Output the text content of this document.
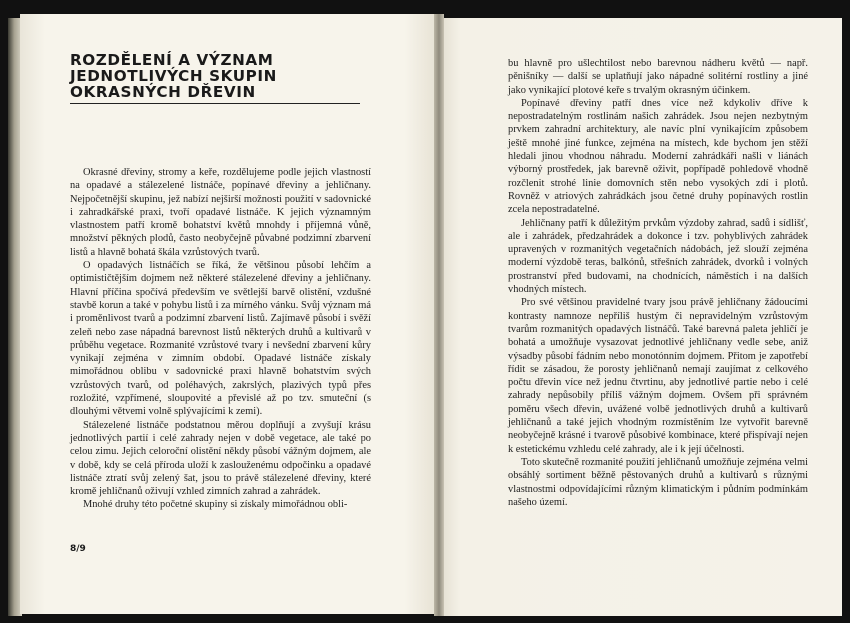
ROZDĚLENÍ A VÝZNAM
JEDNOTLIVÝCH SKUPIN
OKRASNÝCH DŘEVIN

Okrasné dřeviny, stromy a keře, rozdělujeme podle jejich vlastností na opadavé a stálezelené listnáče, popínavé dřeviny a jehličnany. Nejpočetnější skupinu, jež nabízí nejširší možnosti použití v sadovnické i zahradkářské praxi, tvoří opadavé listnáče. K jejich významným vlastnostem patří kromě bohatství květů mnohdy i příjemná vůně, množství pěkných plodů, často neobyčejně půvabné podzimní zbarvení listů a hlavně bohatá škála vzrůstových tvarů.

O opadavých listnáčích se říká, že většinou působí lehčím a optimističtějším dojmem než některé stálezelené dřeviny a jehličnany. Hlavní příčina spočívá především ve světlejší barvě olistění, vzdušné stavbě korun a také v pohybu listů i za mírného vánku. Svůj význam má i proměnlivost tvarů a podzimní zbarvení listů. Zajímavě působí i svěží zeleň nebo zase nápadná barevnost listů některých druhů a kultivarů v průběhu vegetace. Rozmanité vzrůstové tvary i nevšední zbarvení kůry vynikají zejména v zimním období. Opadavé listnáče získaly mimořádnou oblibu v sadovnické praxi hlavně bohatstvím svých vzrůstových tvarů, od poléhavých, zakrslých, plazivých typů přes rozložité, vzpřímené, sloupovité a převislé až po tzv. smuteční (s dlouhými větvemi volně splývajícími k zemi).

Stálezelené listnáče podstatnou měrou doplňují a zvyšují krásu jednotlivých partií i celé zahrady nejen v době vegetace, ale také po celou zimu. Jejich celoroční olistění někdy působí vážným dojmem, ale v době, kdy se celá příroda uloží k zaslouženému odpočinku a opadavé listnáče ztratí svůj zelený šat, jsou to právě stálezelené dřeviny, které kromě jehličnanů oživují vzhled zimních zahrad a zahrádek.

Mnohé druhy této početné skupiny si získaly mimořádnou obli-

8/9

bu hlavně pro ušlechtilost nebo barevnou nádheru květů — např. pěnišníky — další se uplatňují jako nápadné solitérní rostliny a jiné jako vynikající plotové keře s trvalým okrasným účinkem.

Popínavé dřeviny patří dnes více než kdykoliv dříve k nepostradatelným rostlinám našich zahrádek. Jsou nejen nezbytným prvkem zahradní architektury, ale navíc plní vynikajícím způsobem ještě mnohé jiné funkce, zejména na místech, kde bychom jen stěží hledali jinou vhodnou náhradu. Moderní zahrádkáři našli v liánách výborný prostředek, jak barevně oživit, popřípadě pohledově vhodně rozčlenit strohé linie domovních stěn nebo vysokých zdí i plotů. Rovněž v atriových zahrádkách jsou četné druhy popínavých rostlin zcela nepostradatelné.

Jehličnany patří k důležitým prvkům výzdoby zahrad, sadů i sídlišť, ale i zahrádek, předzahrádek a dokonce i tzv. pohyblivých zahrádek upravených v rozmanitých vegetačních nádobách, jež slouží zejména moderní výzdobě teras, balkónů, střešních zahrádek, dvorků i volných prostranství před budovami, na chodnících, náměstích i na dalších vhodných místech.

Pro své většinou pravidelné tvary jsou právě jehličnany žádoucími kontrasty namnoze nepříliš hustým či nepravidelným vzrůstovým tvarům rozmanitých opadavých listnáčů. Také barevná paleta jehličí je bohatá a umožňuje vysazovat jednotlivé jehličnany vedle sebe, aniž výsadby působí fádním nebo monotónním dojmem. Přitom je zapotřebí řídit se zásadou, že porosty jehličnanů nemají zaujímat z celkového počtu dřevin více než jednu čtvrtinu, aby jednotlivé partie nebo i celé zahrady nepůsobily příliš vážným dojmem. Ovšem při správném poměru všech dřevin, uvážené volbě jednotlivých druhů a kultivarů jehličnanů a také jejich vhodným rozmístěním lze vytvořit barevně neobyčejně krásné i tvarově působivé kombinace, které přispívají nejen k estetickému vzhledu celé zahrady, ale i k její účelnosti.

Toto skutečně rozmanité použití jehličnanů umožňuje zejména velmi obsáhlý sortiment běžně pěstovaných druhů a kultivarů s různými vlastnostmi odpovídajícími různým klimatickým i půdním podmínkám našeho území.
